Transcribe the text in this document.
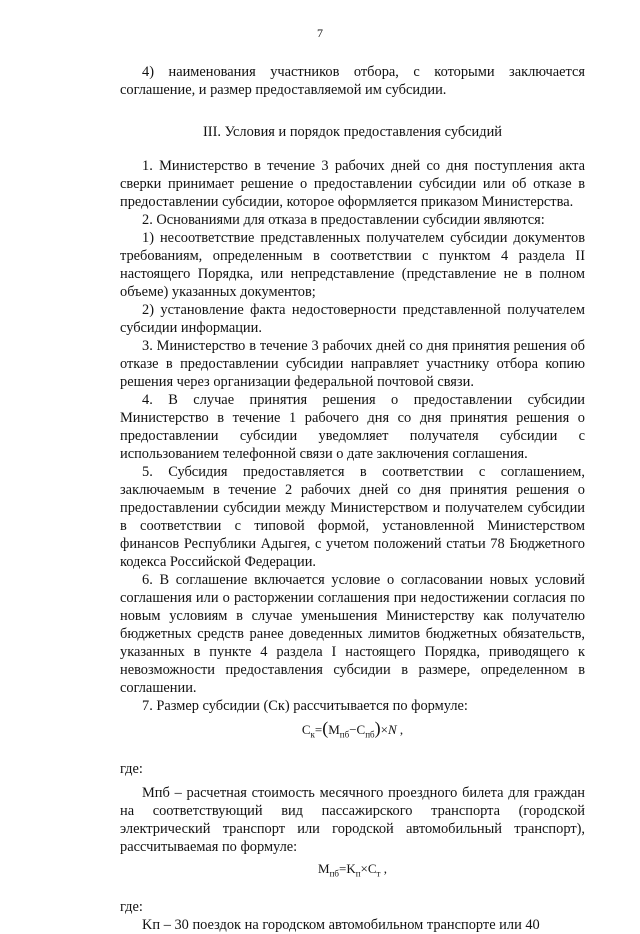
7

4) наименования участников отбора, с которыми заключается соглашение, и размер предоставляемой им субсидии.

III. Условия и порядок предоставления субсидий

1. Министерство в течение 3 рабочих дней со дня поступления акта сверки принимает решение о предоставлении субсидии или об отказе в предоставлении субсидии, которое оформляется приказом Министерства.

2. Основаниями для отказа в предоставлении субсидии являются:

1) несоответствие представленных получателем субсидии документов требованиям, определенным в соответствии с пунктом 4 раздела II настоящего Порядка, или непредставление (представление не в полном объеме) указанных документов;

2) установление факта недостоверности представленной получателем субсидии информации.

3. Министерство в течение 3 рабочих дней со дня принятия решения об отказе в предоставлении субсидии направляет участнику отбора копию решения через организации федеральной почтовой связи.

4. В случае принятия решения о предоставлении субсидии Министерство в течение 1 рабочего дня со дня принятия решения о предоставлении субсидии уведомляет получателя субсидии с использованием телефонной связи о дате заключения соглашения.

5. Субсидия предоставляется в соответствии с соглашением, заключаемым в течение 2 рабочих дней со дня принятия решения о предоставлении субсидии между Министерством и получателем субсидии в соответствии с типовой формой, установленной Министерством финансов Республики Адыгея, с учетом положений статьи 78 Бюджетного кодекса Российской Федерации.

6. В соглашение включается условие о согласовании новых условий соглашения или о расторжении соглашения при недостижении согласия по новым условиям в случае уменьшения Министерству как получателю бюджетных средств ранее доведенных лимитов бюджетных обязательств, указанных в пункте 4 раздела I настоящего Порядка, приводящего к невозможности предоставления субсидии в размере, определенном в соглашении.

7. Размер субсидии (Cк) рассчитывается по формуле:

$C_к=(M_{пб}-C_{пб})\times N$ ,

где:

Mпб – расчетная стоимость месячного проездного билета для граждан на соответствующий вид пассажирского транспорта (городской электрический транспорт или городской автомобильный транспорт), рассчитываемая по формуле:

$M_{пб}=K_п\times C_т$ ,

где:

Kп – 30 поездок на городском автомобильном транспорте или 40
